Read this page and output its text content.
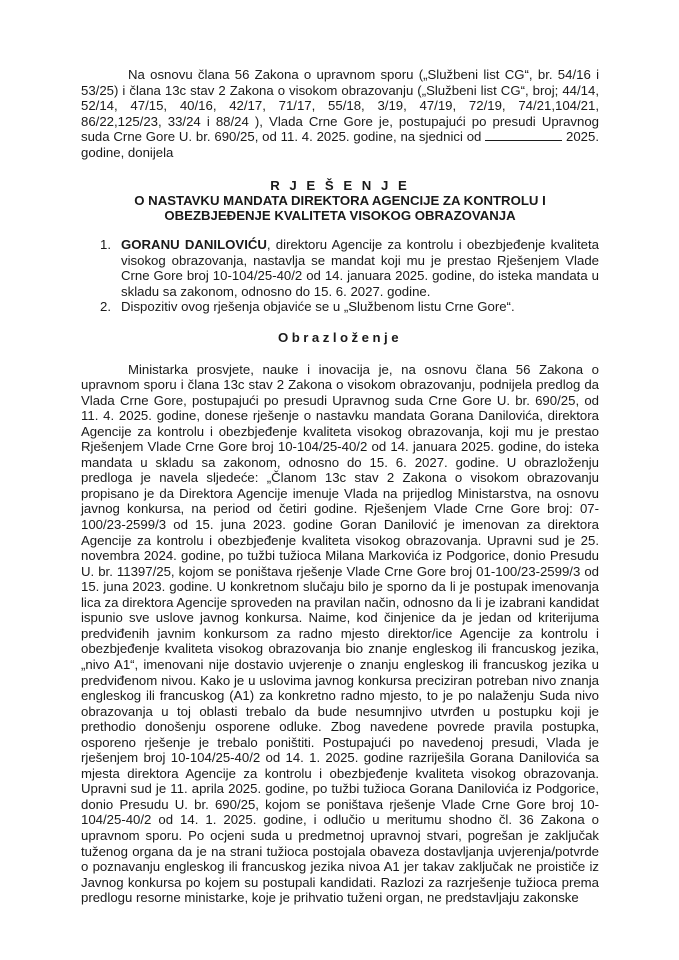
Na osnovu člana 56 Zakona o upravnom sporu („Službeni list CG“, br. 54/16 i 53/25) i člana 13c stav 2 Zakona o visokom obrazovanju („Službeni list CG“, broj; 44/14, 52/14, 47/15, 40/16, 42/17, 71/17, 55/18, 3/19, 47/19, 72/19, 74/21,104/21, 86/22,125/23, 33/24 i 88/24 ), Vlada Crne Gore je, postupajući po presudi Upravnog suda Crne Gore U. br. 690/25, od 11. 4. 2025. godine, na sjednici od	2025. godine, donijela

R J E Š E N J E
O NASTAVKU MANDATA DIREKTORA AGENCIJE ZA KONTROLU I
OBEZBJEĐENJE KVALITETA VISOKOG OBRAZOVANJA
1. GORANU DANILOVIĆU, direktoru Agencije za kontrolu i obezbjeđenje kvaliteta visokog obrazovanja, nastavlja se mandat koji mu je prestao Rješenjem Vlade Crne Gore broj 10-104/25-40/2 od 14. januara 2025. godine, do isteka mandata u skladu sa zakonom, odnosno do 15. 6. 2027. godine.
2. Dispozitiv ovog rješenja objaviće se u „Službenom listu Crne Gore“.
Obrazloženje

Ministarka prosvjete, nauke i inovacija je, na osnovu člana 56 Zakona o upravnom sporu i člana 13c stav 2 Zakona o visokom obrazovanju, podnijela predlog da Vlada Crne Gore, postupajući po presudi Upravnog suda Crne Gore U. br. 690/25, od 11. 4. 2025. godine, donese rješenje o nastavku mandata Gorana Danilovića, direktora Agencije za kontrolu i obezbjeđenje kvaliteta visokog obrazovanja, koji mu je prestao Rješenjem Vlade Crne Gore broj 10-104/25-40/2 od 14. januara 2025. godine, do isteka mandata u skladu sa zakonom, odnosno do 15. 6. 2027. godine. U obrazloženju predloga je navela sljedeće: „Članom 13c stav 2 Zakona o visokom obrazovanju propisano je da Direktora Agencije imenuje Vlada na prijedlog Ministarstva, na osnovu javnog konkursa, na period od četiri godine. Rješenjem Vlade Crne Gore broj: 07-100/23-2599/3 od 15. juna 2023. godine Goran Danilović je imenovan za direktora Agencije za kontrolu i obezbjeđenje kvaliteta visokog obrazovanja. Upravni sud je 25. novembra 2024. godine, po tužbi tužioca Milana Markovića iz Podgorice, donio Presudu U. br. 11397/25, kojom se poništava rješenje Vlade Crne Gore broj 01-100/23-2599/3 od 15. juna 2023. godine. U konkretnom slučaju bilo je sporno da li je postupak imenovanja lica za direktora Agencije sproveden na pravilan način, odnosno da li je izabrani kandidat ispunio sve uslove javnog konkursa. Naime, kod činjenice da je jedan od kriterijuma predviđenih javnim konkursom za radno mjesto direktor/ice Agencije za kontrolu i obezbjeđenje kvaliteta visokog obrazovanja bio znanje engleskog ili francuskog jezika, „nivo A1“, imenovani nije dostavio uvjerenje o znanju engleskog ili francuskog jezika u predviđenom nivou. Kako je u uslovima javnog konkursa preciziran potreban nivo znanja engleskog ili francuskog (A1) za konkretno radno mjesto, to je po nalaženju Suda nivo obrazovanja u toj oblasti trebalo da bude nesumnjivo utvrđen u postupku koji je prethodio donošenju osporene odluke. Zbog navedene povrede pravila postupka, osporeno rješenje je trebalo poništiti. Postupajući po navedenoj presudi, Vlada je rješenjem broj 10-104/25-40/2 od 14. 1. 2025. godine razriješila Gorana Danilovića sa mjesta direktora Agencije za kontrolu i obezbjeđenje kvaliteta visokog obrazovanja. Upravni sud je 11. aprila 2025. godine, po tužbi tužioca Gorana Danilovića iz Podgorice, donio Presudu U. br. 690/25, kojom se poništava rješenje Vlade Crne Gore broj 10-104/25-40/2 od 14. 1. 2025. godine, i odlučio u meritumu shodno čl. 36 Zakona o upravnom sporu. Po ocjeni suda u predmetnoj upravnoj stvari, pogrešan je zaključak tuženog organa da je na strani tužioca postojala obaveza dostavljanja uvjerenja/potvrde o poznavanju engleskog ili francuskog jezika nivoa A1 jer takav zaključak ne proističe iz Javnog konkursa po kojem su postupali kandidati. Razlozi za razrješenje tužioca prema predlogu resorne ministarke, koje je prihvatio tuženi organ, ne predstavljaju zakonske
